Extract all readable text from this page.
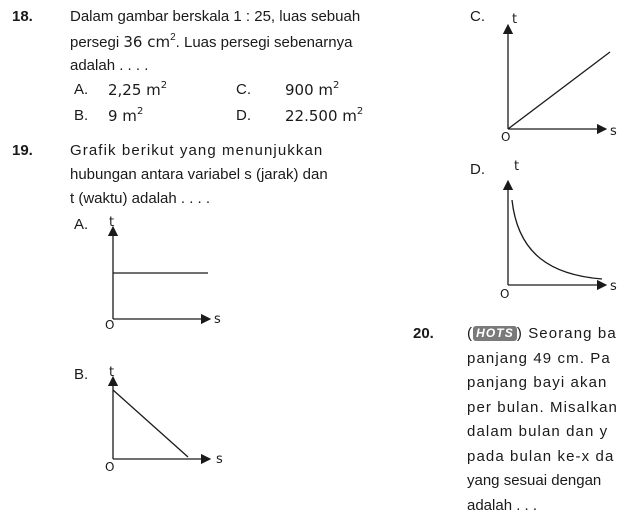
18. Dalam gambar berskala 1 : 25, luas sebuah
persegi 36 $cm^2$. Luas persegi sebenarnya
adalah . . . .
A. 2,25 $m^2$	C. 900 $m^2$
B. 9 $m^2$	D. 22.500 $m^2$
19. Grafik berikut yang menunjukkan
hubungan antara variabel s (jarak) dan
t (waktu) adalah . . . .
A. t
s
O
B. t
s
O
C. t
s
O
D. t
s
O
20. ( HOTS ) Seorang ba
panjang 49 cm. Pa
panjang bayi akan
per bulan. Misalkan
dalam bulan dan y
pada bulan ke-x da
yang sesuai dengan
adalah . . .
